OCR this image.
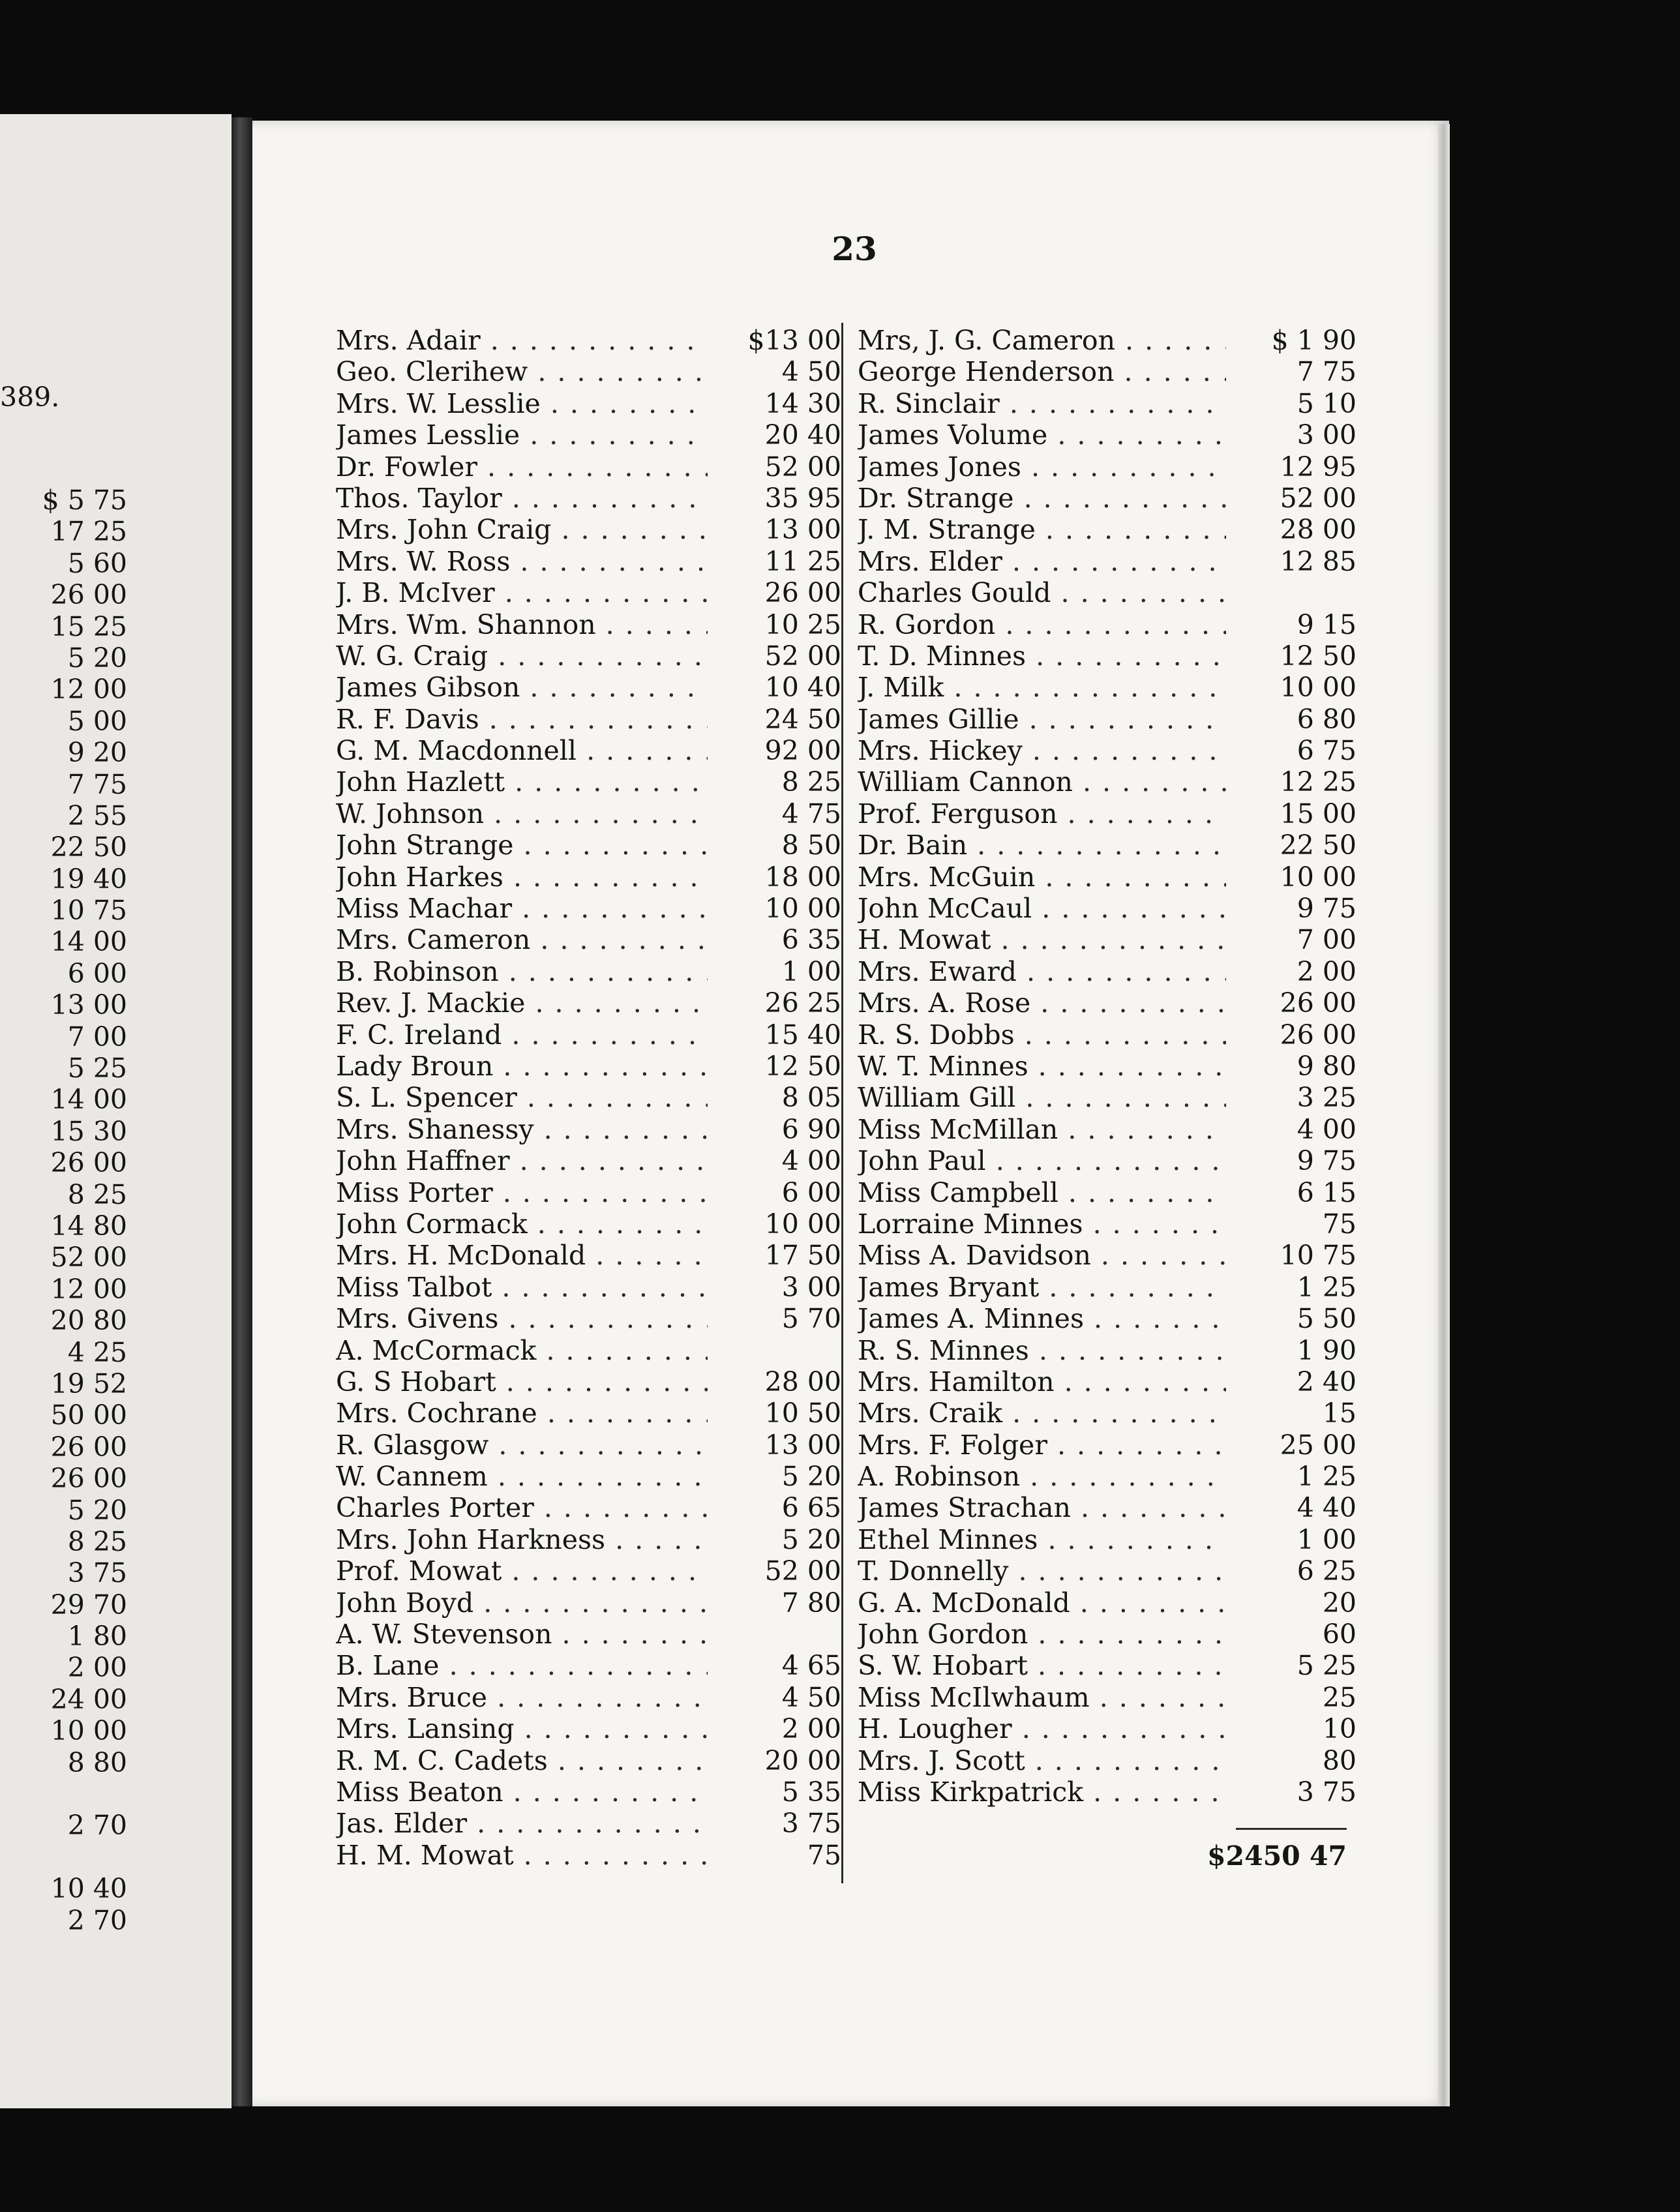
389.
$ 5 75
17 25
5 60
26 00
15 25
5 20
12 00
5 00
9 20
7 75
2 55
22 50
19 40
10 75
14 00
6 00
13 00
7 00
5 25
14 00
15 30
26 00
8 25
14 80
52 00
12 00
20 80
4 25
19 52
50 00
26 00
26 00
5 20
8 25
3 75
29 70
1 80
2 00
24 00
10 00
8 80
2 70
10 40
2 70
23
Mrs. Adair . . .	$13 00
Geo. Clerihew . . .	4 50
Mrs. W. Lesslie . . .	14 30
James Lesslie . . .	20 40
Dr. Fowler . . .	52 00
Thos. Taylor . . .	35 95
Mrs. John Craig . . .	13 00
Mrs. W. Ross . . .	11 25
J. B. McIver . . .	26 00
Mrs. Wm. Shannon . . .	10 25
W. G. Craig . . .	52 00
James Gibson . . .	10 40
R. F. Davis . . .	24 50
G. M. Macdonnell . . .	92 00
John Hazlett . . .	8 25
W. Johnson . . .	4 75
John Strange . . .	8 50
John Harkes . . .	18 00
Miss Machar . . .	10 00
Mrs. Cameron . . .	6 35
B. Robinson . . .	1 00
Rev. J. Mackie . . .	26 25
F. C. Ireland . . .	15 40
Lady Broun . . .	12 50
S. L. Spencer . . .	8 05
Mrs. Shanessy . . .	6 90
John Haffner . . .	4 00
Miss Porter . . .	6 00
John Cormack . . .	10 00
Mrs. H. McDonald . . .	17 50
Miss Talbot . . .	3 00
Mrs. Givens . . .	5 70
A. McCormack . . .
G. S Hobart . . .	28 00
Mrs. Cochrane . . .	10 50
R. Glasgow . . .	13 00
W. Cannem . . .	5 20
Charles Porter . . .	6 65
Mrs. John Harkness . . .	5 20
Prof. Mowat . . .	52 00
John Boyd . . .	7 80
A. W. Stevenson . . .
B. Lane . . .	4 65
Mrs. Bruce . . .	4 50
Mrs. Lansing . . .	2 00
R. M. C. Cadets . . .	20 00
Miss Beaton . . .	5 35
Jas. Elder . . .	3 75
H. M. Mowat . . .	75
Mrs, J. G. Cameron . . .	$ 1 90
George Henderson . . .	7 75
R. Sinclair . . .	5 10
James Volume . . .	3 00
James Jones . . .	12 95
Dr. Strange . . .	52 00
J. M. Strange . . .	28 00
Mrs. Elder . . .	12 85
Charles Gould . . .
R. Gordon . . .	9 15
T. D. Minnes . . .	12 50
J. Milk . . .	10 00
James Gillie . . .	6 80
Mrs. Hickey . . .	6 75
William Cannon . . .	12 25
Prof. Ferguson . . .	15 00
Dr. Bain . . .	22 50
Mrs. McGuin . . .	10 00
John McCaul . . .	9 75
H. Mowat . . .	7 00
Mrs. Eward . . .	2 00
Mrs. A. Rose . . .	26 00
R. S. Dobbs . . .	26 00
W. T. Minnes . . .	9 80
William Gill . . .	3 25
Miss McMillan . . .	4 00
John Paul . . .	9 75
Miss Campbell . . .	6 15
Lorraine Minnes . . .	75
Miss A. Davidson . . .	10 75
James Bryant . . .	1 25
James A. Minnes . . .	5 50
R. S. Minnes . . .	1 90
Mrs. Hamilton . . .	2 40
Mrs. Craik . . .	15
Mrs. F. Folger . . .	25 00
A. Robinson . . .	1 25
James Strachan . . .	4 40
Ethel Minnes . . .	1 00
T. Donnelly . . .	6 25
G. A. McDonald . . .	20
John Gordon . . .	60
S. W. Hobart . . .	5 25
Miss McIlwhaum . . .	25
H. Lougher . . .	10
Mrs. J. Scott . . .	80
Miss Kirkpatrick . . .	3 75
$2450 47
